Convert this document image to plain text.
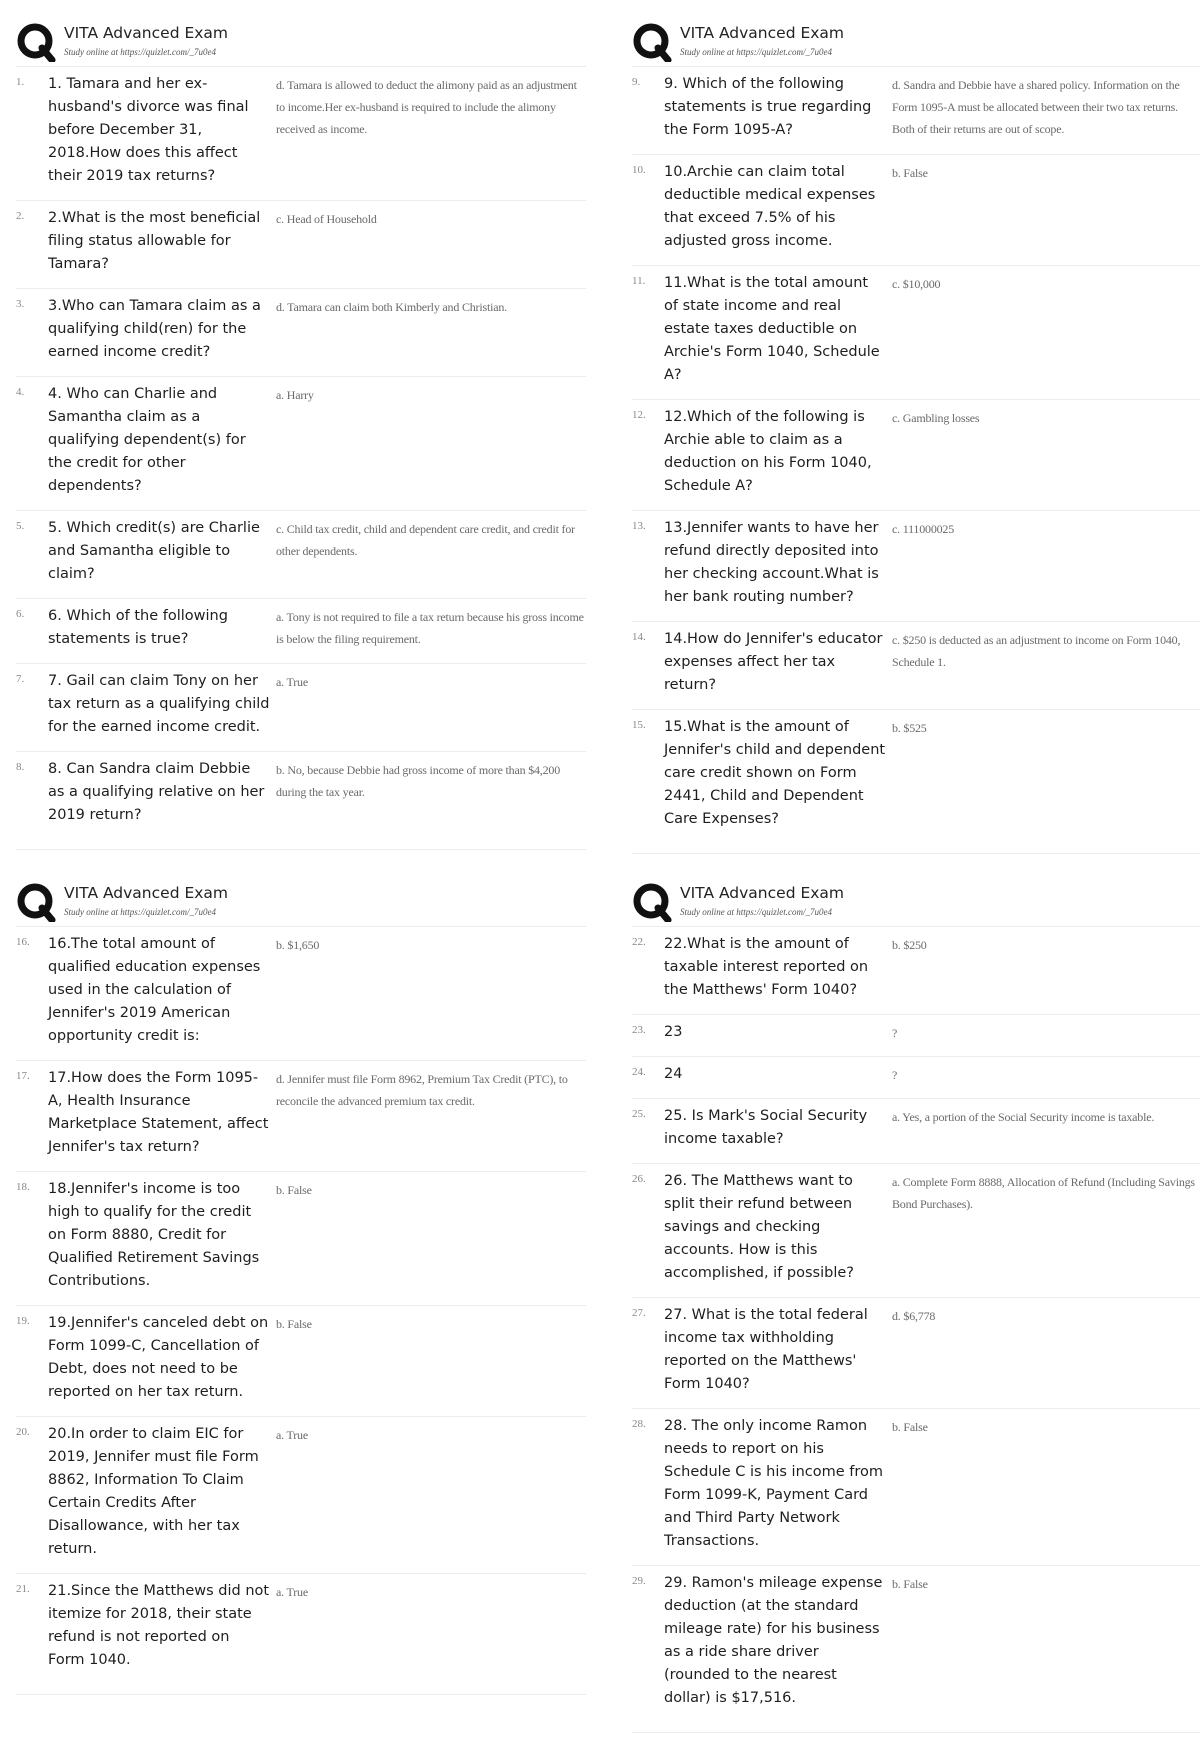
VITA Advanced Exam
Study online at https://quizlet.com/_7u0e4
1.	1. Tamara and her ex-husband's divorce was final before December 31, 2018.How does this affect their 2019 tax returns?
d. Tamara is allowed to deduct the alimony paid as an adjustment to income.Her ex-husband is required to include the alimony received as income.
2.	2.What is the most beneficial filing status allowable for Tamara?
c. Head of Household
3.	3.Who can Tamara claim as a qualifying child(ren) for the earned income credit?
d. Tamara can claim both Kimberly and Christian.
4.	4. Who can Charlie and Samantha claim as a qualifying dependent(s) for the credit for other dependents?
a. Harry
5.	5. Which credit(s) are Charlie and Samantha eligible to claim?
c. Child tax credit, child and dependent care credit, and credit for other dependents.
6.	6. Which of the following statements is true?
a. Tony is not required to file a tax return because his gross income is below the filing requirement.
7.	7. Gail can claim Tony on her tax return as a qualifying child for the earned income credit.
a. True
8.	8. Can Sandra claim Debbie as a qualifying relative on her 2019 return?
b. No, because Debbie had gross income of more than $4,200 during the tax year.
VITA Advanced Exam
Study online at https://quizlet.com/_7u0e4
9.	9. Which of the following statements is true regarding the Form 1095-A?
d. Sandra and Debbie have a shared policy. Information on the Form 1095-A must be allocated between their two tax returns. Both of their returns are out of scope.
10.	10.Archie can claim total deductible medical expenses that exceed 7.5% of his adjusted gross income.
b. False
11.	11.What is the total amount of state income and real estate taxes deductible on Archie's Form 1040, Schedule A?
c. $10,000
12.	12.Which of the following is Archie able to claim as a deduction on his Form 1040, Schedule A?
c. Gambling losses
13.	13.Jennifer wants to have her refund directly deposited into her checking account.What is her bank routing number?
c. 111000025
14.	14.How do Jennifer's educator expenses affect her tax return?
c. $250 is deducted as an adjustment to income on Form 1040, Schedule 1.
15.	15.What is the amount of Jennifer's child and dependent care credit shown on Form 2441, Child and Dependent Care Expenses?
b. $525
VITA Advanced Exam
Study online at https://quizlet.com/_7u0e4
16.	16.The total amount of qualified education expenses used in the calculation of Jennifer's 2019 American opportunity credit is:
b. $1,650
17.	17.How does the Form 1095-A, Health Insurance Marketplace Statement, affect Jennifer's tax return?
d. Jennifer must file Form 8962, Premium Tax Credit (PTC), to reconcile the advanced premium tax credit.
18.	18.Jennifer's income is too high to qualify for the credit on Form 8880, Credit for Qualified Retirement Savings Contributions.
b. False
19.	19.Jennifer's canceled debt on Form 1099-C, Cancellation of Debt, does not need to be reported on her tax return.
b. False
20.	20.In order to claim EIC for 2019, Jennifer must file Form 8862, Information To Claim Certain Credits After Disallowance, with her tax return.
a. True
21.	21.Since the Matthews did not itemize for 2018, their state refund is not reported on Form 1040.
a. True
VITA Advanced Exam
Study online at https://quizlet.com/_7u0e4
22.	22.What is the amount of taxable interest reported on the Matthews' Form 1040?
b. $250
23.	23	?
24.	24	?
25.	25. Is Mark's Social Security income taxable?
a. Yes, a portion of the Social Security income is taxable.
26.	26. The Matthews want to split their refund between savings and checking accounts. How is this accomplished, if possible?
a. Complete Form 8888, Allocation of Refund (Including Savings Bond Purchases).
27.	27. What is the total federal income tax withholding reported on the Matthews' Form 1040?
d. $6,778
28.	28. The only income Ramon needs to report on his Schedule C is his income from Form 1099-K, Payment Card and Third Party Network Transactions.
b. False
29.	29. Ramon's mileage expense deduction (at the standard mileage rate) for his business as a ride share driver (rounded to the nearest dollar) is $17,516.
b. False
